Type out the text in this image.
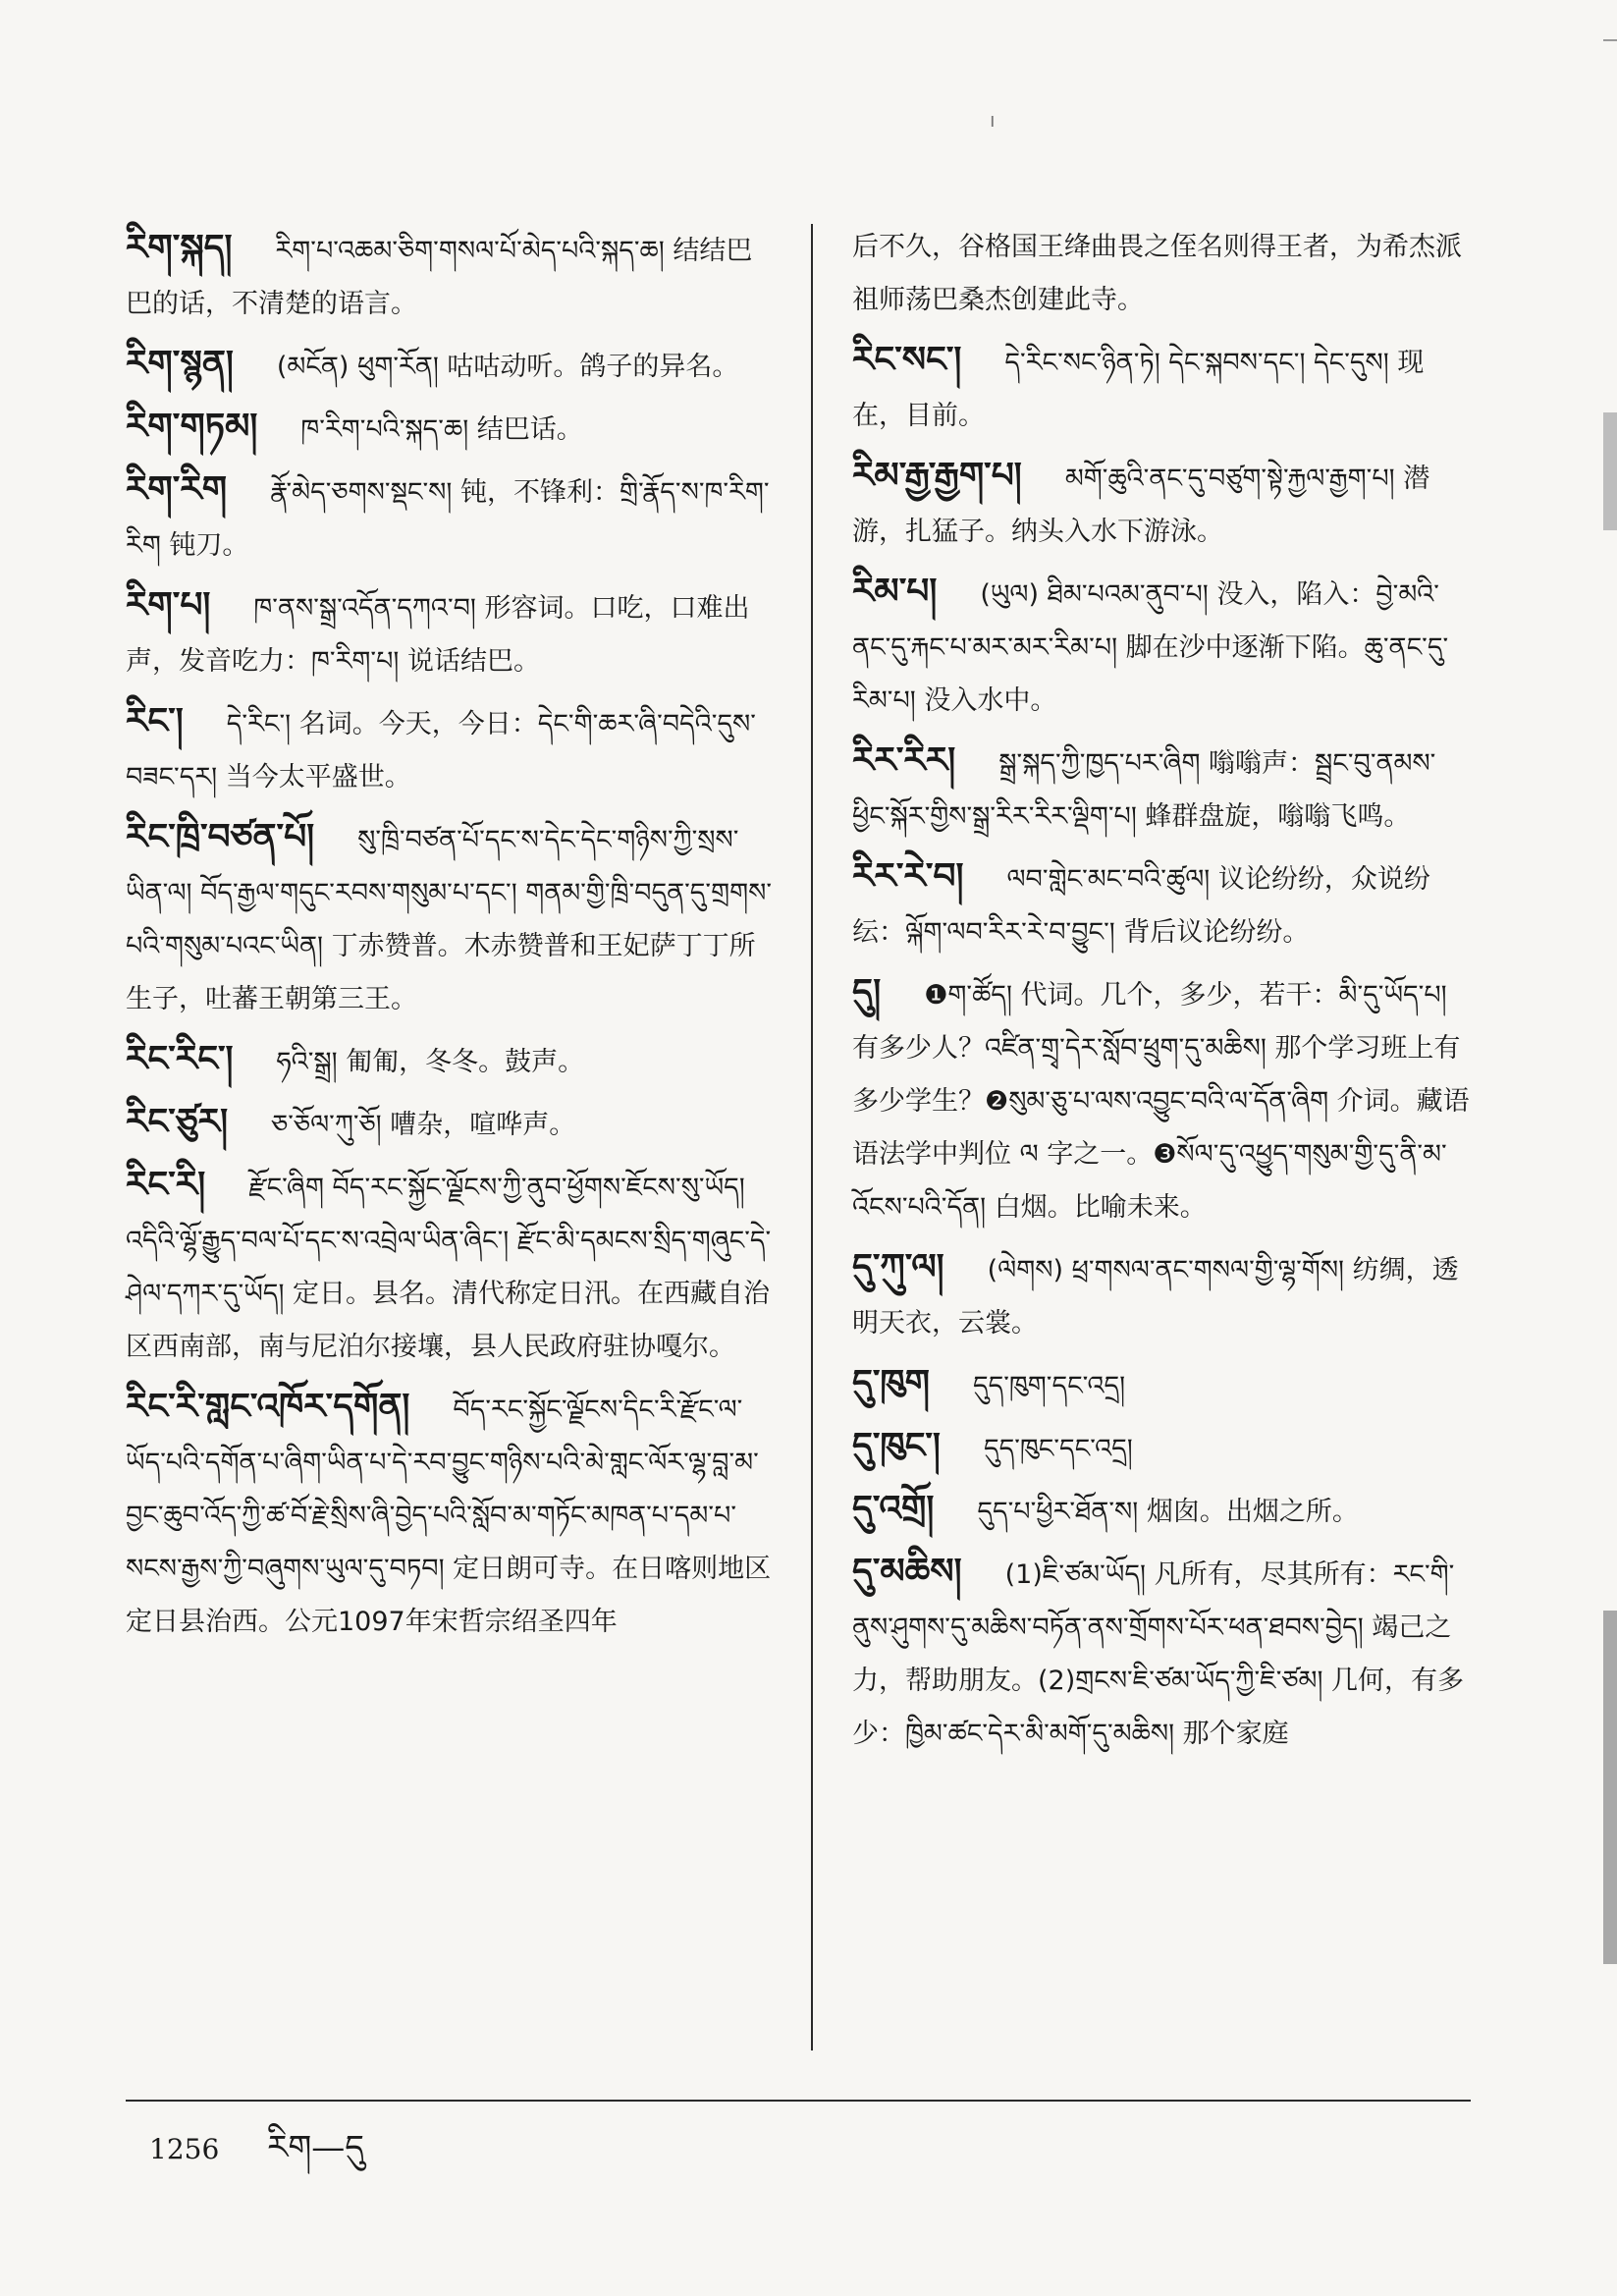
ı
རིག་སྐད། རིག་པ་འཆམ་ཅིག་གསལ་པོ་མེད་པའི་སྐད་ཆ། 结结巴巴的话，不清楚的语言。
རིག་སྙན། (མངོན) ཕུག་རོན། 咕咕动听。鸽子的异名。
རིག་གཏམ། ཁ་རིག་པའི་སྐད་ཆ། 结巴话。
རིག་རིག རྣོ་མེད་ཅགས་སྡང་ས། 钝，不锋利：གྲི་རྣོད་ས་ཁ་རིག་རིག 钝刀。
རིག་པ། ཁ་ནས་སྒྲ་འདོན་དཀའ་བ། 形容词。口吃，口难出声，发音吃力：ཁ་རིག་པ། 说话结巴。
རིང་། དེ་རིང་། 名词。今天，今日：དེང་གི་ཆར་ཞི་བདེའི་དུས་བཟང་དར། 当今太平盛世。
རིང་ཁྲི་བཙན་པོ། སུ་ཁྲི་བཙན་པོ་དང་ས་དེང་དེང་གཉིས་ཀྱི་སྲས་ཡིན་ལ། བོད་རྒྱལ་གདུང་རབས་གསུམ་པ་དང་། གནམ་གྱི་ཁྲི་བདུན་དུ་གྲགས་པའི་གསུམ་པའང་ཡིན། 丁赤赞普。木赤赞普和王妃萨丁丁所生子，吐蕃王朝第三王。
རིང་རིང་། ཧའི་སྒྲ། 匍匍，冬冬。鼓声。
རིང་ཙུར། ཅ་ཅོལ་ཀུ་ཅོ། 嘈杂，喧哗声。
རིང་རི། རྫོང་ཞིག བོད་རང་སྐྱོང་ལྗོངས་ཀྱི་ནུབ་ཕྱོགས་ཇོངས་སུ་ཡོད། འདིའི་ལྷོ་རྒྱུད་བལ་པོ་དང་ས་འབྲེལ་ཡིན་ཞིང་། རྫོང་མི་དམངས་སྲིད་གཞུང་དེ་ཤེལ་དཀར་དུ་ཡོད། 定日。县名。清代称定日汛。在西藏自治区西南部，南与尼泊尔接壤，县人民政府驻协嘎尔。
རིང་རི་གླང་འཁོར་དགོན། བོད་རང་སྐྱོང་ལྗོངས་དིང་རི་རྫོང་ལ་ཡོད་པའི་དགོན་པ་ཞིག་ཡིན་པ་དེ་རབ་བྱུང་གཉིས་པའི་མེ་གླང་ལོར་ལྷ་བླ་མ་བྱང་ཆུབ་འོད་ཀྱི་ཚ་བོ་རྗེ་སྲིས་ཞི་བྱེད་པའི་སློབ་མ་གཏོང་མཁན་པ་དམ་པ་སངས་རྒྱས་ཀྱི་བཞུགས་ཡུལ་དུ་བཏབ། 定日朗可寺。在日喀则地区定日县治西。公元1097年宋哲宗绍圣四年
后不久，谷格国王绛曲畏之侄名则得王者，为希杰派祖师荡巴桑杰创建此寺。
རིང་སང་། དེ་རིང་སང་ཉིན་ཏེ། དེང་སྐབས་དང་། དེང་དུས། 现在，目前。
རིམ་རྒྱ་རྒྱག་པ། མགོ་ཆུའི་ནང་དུ་བཙུག་སྟེ་རྐྱལ་རྒྱག་པ། 潜游，扎猛子。纳头入水下游泳。
རིམ་པ། (ཡུལ) ཐིམ་པའམ་ནུབ་པ། 没入，陷入：བྱེ་མའི་ནང་དུ་རྐང་པ་མར་མར་རིམ་པ། 脚在沙中逐渐下陷。ཆུ་ནང་དུ་རིམ་པ། 没入水中。
རིར་རིར། སྒྲ་སྐད་ཀྱི་ཁྱད་པར་ཞིག 嗡嗡声：སྦྲང་བུ་ནམས་ཕྱིང་སྐོར་གྱིས་སྒྲ་རིར་རིར་ལྡིག་པ། 蜂群盘旋，嗡嗡飞鸣。
རིར་རེ་བ། ལབ་གླེང་མང་བའི་ཚུལ། 议论纷纷，众说纷纭：ལྐོག་ལབ་རིར་རེ་བ་བྱུང་། 背后议论纷纷。
དུ། ❶ག་ཚོད། 代词。几个，多少，若干：མི་དུ་ཡོད་པ། 有多少人？འཛིན་གྲྭ་དེར་སློབ་ཕྲུག་དུ་མཆིས། 那个学习班上有多少学生？❷སུམ་ཅུ་པ་ལས་འབྱུང་བའི་ལ་དོན་ཞིག 介词。藏语语法学中判位 ལ 字之一。❸སོལ་དུ་འཕྱུད་གསུམ་གྱི་དུ་ནི་མ་འོངས་པའི་དོན། 白烟。比喻未来。
དུ་ཀུ་ལ། (ལེགས) ཕྲ་གསལ་ནང་གསལ་གྱི་ལྷ་གོས། 纺绸，透明天衣，云裳。
དུ་ཁུག དུད་ཁུག་དང་འདྲ།
དུ་ཁུང་། དུད་ཁུང་དང་འདྲ།
དུ་འགྲོ། དུད་པ་ཕྱིར་ཐོན་ས། 烟囱。出烟之所。
དུ་མཆིས། (1)ཇི་ཙམ་ཡོད། 凡所有，尽其所有：རང་གི་ནུས་ཤུགས་དུ་མཆིས་བཏོན་ནས་གྲོགས་པོར་ཕན་ཐབས་བྱེད། 竭己之力，帮助朋友。(2)གྲངས་ཇི་ཙམ་ཡོད་ཀྱི་ཇི་ཙམ། 几何，有多少：ཁྱིམ་ཚང་དེར་མི་མགོ་དུ་མཆིས། 那个家庭
1256 རིག—དུ
